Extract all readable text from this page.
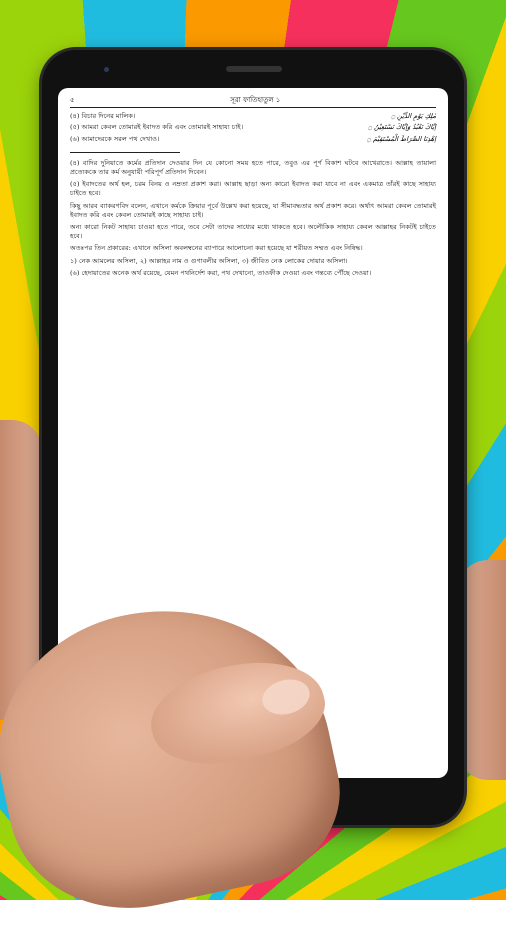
৫	সূরা ফাতিহাতুল ১
(৪) বিচার দিনের মালিক।	مٰلِكِ يَوْمِ الدِّيْنِ ۝
(৫) আমরা কেবল তোমারই ইবাদত করি এবং তোমারই সাহায্য চাই।	اِيَّاكَ نَعْبُدُ وَاِيَّاكَ نَسْتَعِيْنُ ۝
(৬) আমাদেরকে সরল পথ দেখাও।	اِهْدِنَا الصِّرَاطَ الْمُسْتَقِيْمَ ۝

(৪) বাদির দুনিয়াতে কর্মের প্রতিদান দেওয়ার দিন যে কোনো সময় হতে পারে, তবুও এর পূর্ণ বিকাশ ঘটবে আখেরাতে। আল্লাহ তায়ালা প্রত্যেককে তার কর্ম অনুযায়ী পরিপূর্ণ প্রতিদান দিবেন।

(৫) ইবাদতের অর্থ হল, চরম বিনয় ও নম্রতা প্রকাশ করা। আল্লাহ ছাড়া অন্য কারো ইবাদত করা যাবে না এবং একমাত্র তাঁরই কাছে সাহায্য চাইতে হবে।

কিছু আরব ব্যাকরণবিদ বলেন, এখানে কর্মকে ক্রিয়ার পূর্বে উল্লেখ করা হয়েছে, যা সীমাবদ্ধতার অর্থ প্রকাশ করে। অর্থাৎ আমরা কেবল তোমারই ইবাদত করি এবং কেবল তোমারই কাছে সাহায্য চাই।

অন্য কারো নিকট সাহায্য চাওয়া হতে পারে, তবে সেটা তাদের সাধ্যের মধ্যে থাকতে হবে। অলৌকিক সাহায্য কেবল আল্লাহর নিকটই চাইতে হবে।

অতঃপর তিন প্রকারের: এখানে অসিলা অবলম্বনের ব্যাপারে আলোচনা করা হয়েছে যা শরীয়ত সম্মত এবং নিষিদ্ধ।

১) নেক আমলের অসিলা, ২) আল্লাহর নাম ও গুণাবলীর অসিলা, ৩) জীবিত নেক লোকের দোয়ার অসিলা।

(৬) হেদায়াতের অনেক অর্থ রয়েছে, যেমন পথনির্দেশ করা, পথ দেখানো, তাওফীক দেওয়া এবং গন্তব্যে পৌঁছে দেওয়া।
